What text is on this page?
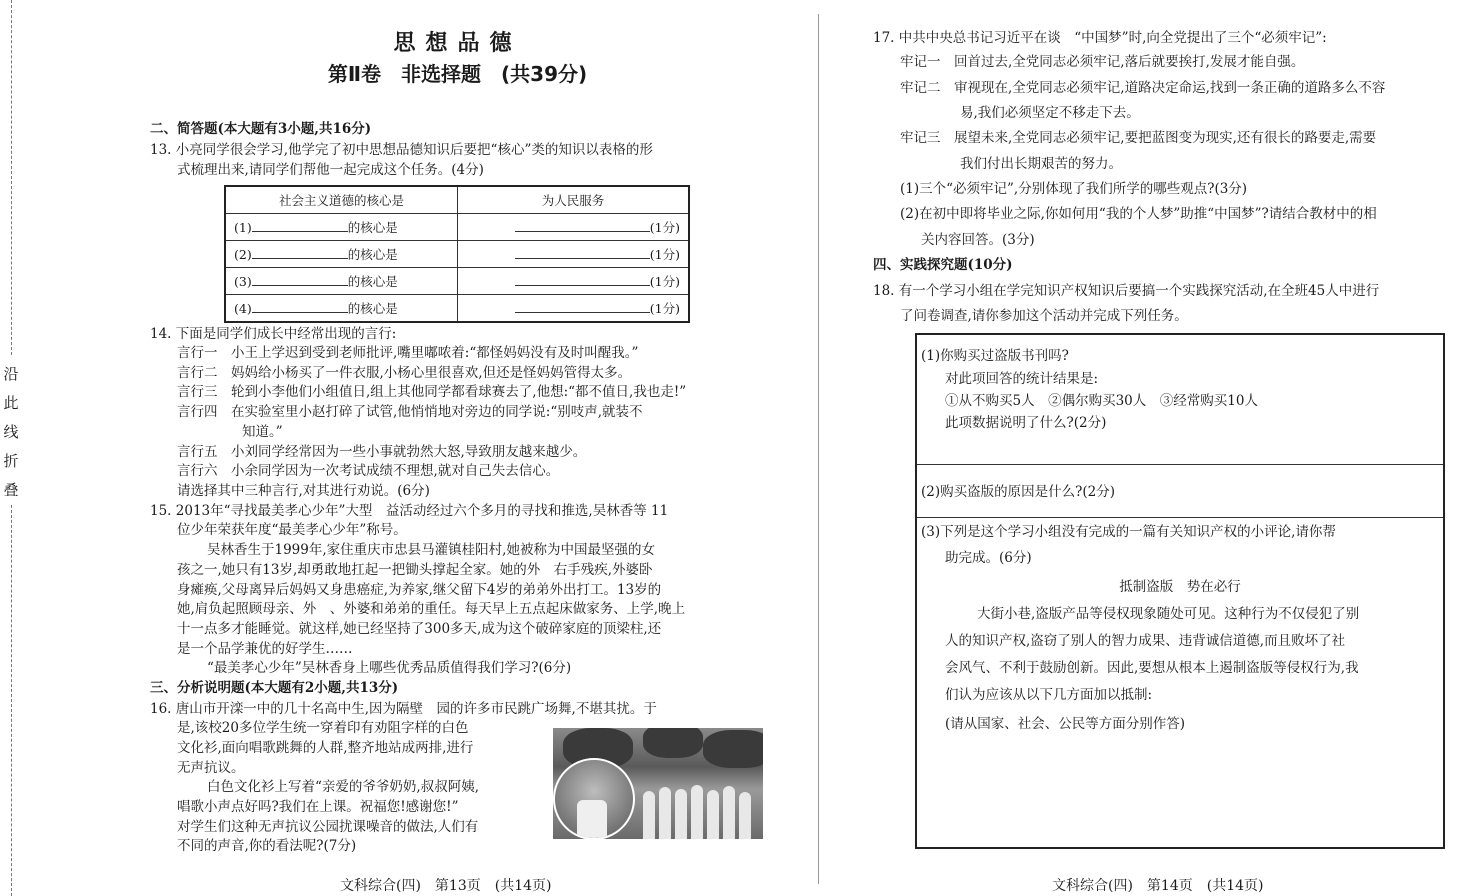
沿
此
线
折
叠
思想品德
第Ⅱ卷　非选择题　(共39分)
二、简答题(本大题有3小题,共16分)
13. 小亮同学很会学习,他学完了初中思想品德知识后要把“核心”类的知识以表格的形
式梳理出来,请同学们帮他一起完成这个任务。(4分)
社会主义道德的核心是	为人民服务
(1) 的核心是	(1分)
(2) 的核心是	(1分)
(3) 的核心是	(1分)
(4) 的核心是	(1分)
14. 下面是同学们成长中经常出现的言行:
言行一　 小王上学迟到受到老师批评,嘴里嘟哝着:“都怪妈妈没有及时叫醒我。”
言行二　 妈妈给小杨买了一件衣服,小杨心里很喜欢,但还是怪妈妈管得太多。
言行三　 轮到小李他们小组值日,组上其他同学都看球赛去了,他想:“都不值日,我也走!”
言行四　 在实验室里小赵打碎了试管,他悄悄地对旁边的同学说:“别吱声,就装不
知道。”
言行五　 小刘同学经常因为一些小事就勃然大怒,导致朋友越来越少。
言行六　 小余同学因为一次考试成绩不理想,就对自己失去信心。
请选择其中三种言行,对其进行劝说。(6分)
15. 2013年“寻找最美孝心少年”大型　益活动经过六个多月的寻找和推选,吴林香等 11
位少年荣获年度“最美孝心少年”称号。
吴林香生于1999年,家住重庆市忠县马灌镇桂阳村,她被称为中国最坚强的女
孩之一,她只有13岁,却勇敢地扛起一把锄头撑起全家。她的外　右手残疾,外婆卧
身瘫痪,父母离异后妈妈又身患癌症,为养家,继父留下4岁的弟弟外出打工。13岁的
她,肩负起照顾母亲、外　、外婆和弟弟的重任。每天早上五点起床做家务、上学,晚上
十一点多才能睡觉。就这样,她已经坚持了300多天,成为这个破碎家庭的顶梁柱,还
是一个品学兼优的好学生……
“最美孝心少年”吴林香身上哪些优秀品质值得我们学习?(6分)
三、分析说明题(本大题有2小题,共13分)
16. 唐山市开滦一中的几十名高中生,因为隔壁　园的许多市民跳广场舞,不堪其扰。于
是,该校20多位学生统一穿着印有劝阻字样的白色
文化衫,面向唱歌跳舞的人群,整齐地站成两排,进行
无声抗议。
白色文化衫上写着“亲爱的爷爷奶奶,叔叔阿姨,
唱歌小声点好吗?我们在上课。祝福您!感谢您!”
对学生们这种无声抗议公园扰课噪音的做法,人们有
不同的声音,你的看法呢?(7分)
文科综合(四)　第13页　(共14页)
17. 中共中央总书记习近平在谈　“中国梦”时,向全党提出了三个“必须牢记”:
牢记一　 回首过去,全党同志必须牢记,落后就要挨打,发展才能自强。
牢记二　 审视现在,全党同志必须牢记,道路决定命运,找到一条正确的道路多么不容
易,我们必须坚定不移走下去。
牢记三　 展望未来,全党同志必须牢记,要把蓝图变为现实,还有很长的路要走,需要
我们付出长期艰苦的努力。
(1)三个“必须牢记”,分别体现了我们所学的哪些观点?(3分)
(2)在初中即将毕业之际,你如何用“我的个人梦”助推“中国梦”?请结合教材中的相
关内容回答。(3分)
四、实践探究题(10分)
18. 有一个学习小组在学完知识产权知识后要搞一个实践探究活动,在全班45人中进行
了问卷调查,请你参加这个活动并完成下列任务。
(1)你购买过盗版书刊吗?
对此项回答的统计结果是:
①从不购买5人　②偶尔购买30人　③经常购买10人
此项数据说明了什么?(2分)
(2)购买盗版的原因是什么?(2分)
(3)下列是这个学习小组没有完成的一篇有关知识产权的小评论,请你帮
助完成。(6分)
抵制盗版　势在必行
大街小巷,盗版产品等侵权现象随处可见。这种行为不仅侵犯了别
人的知识产权,盗窃了别人的智力成果、违背诚信道德,而且败坏了社
会风气、不利于鼓励创新。因此,要想从根本上遏制盗版等侵权行为,我
们认为应该从以下几方面加以抵制:
(请从国家、社会、公民等方面分别作答)
文科综合(四)　第14页　(共14页)
